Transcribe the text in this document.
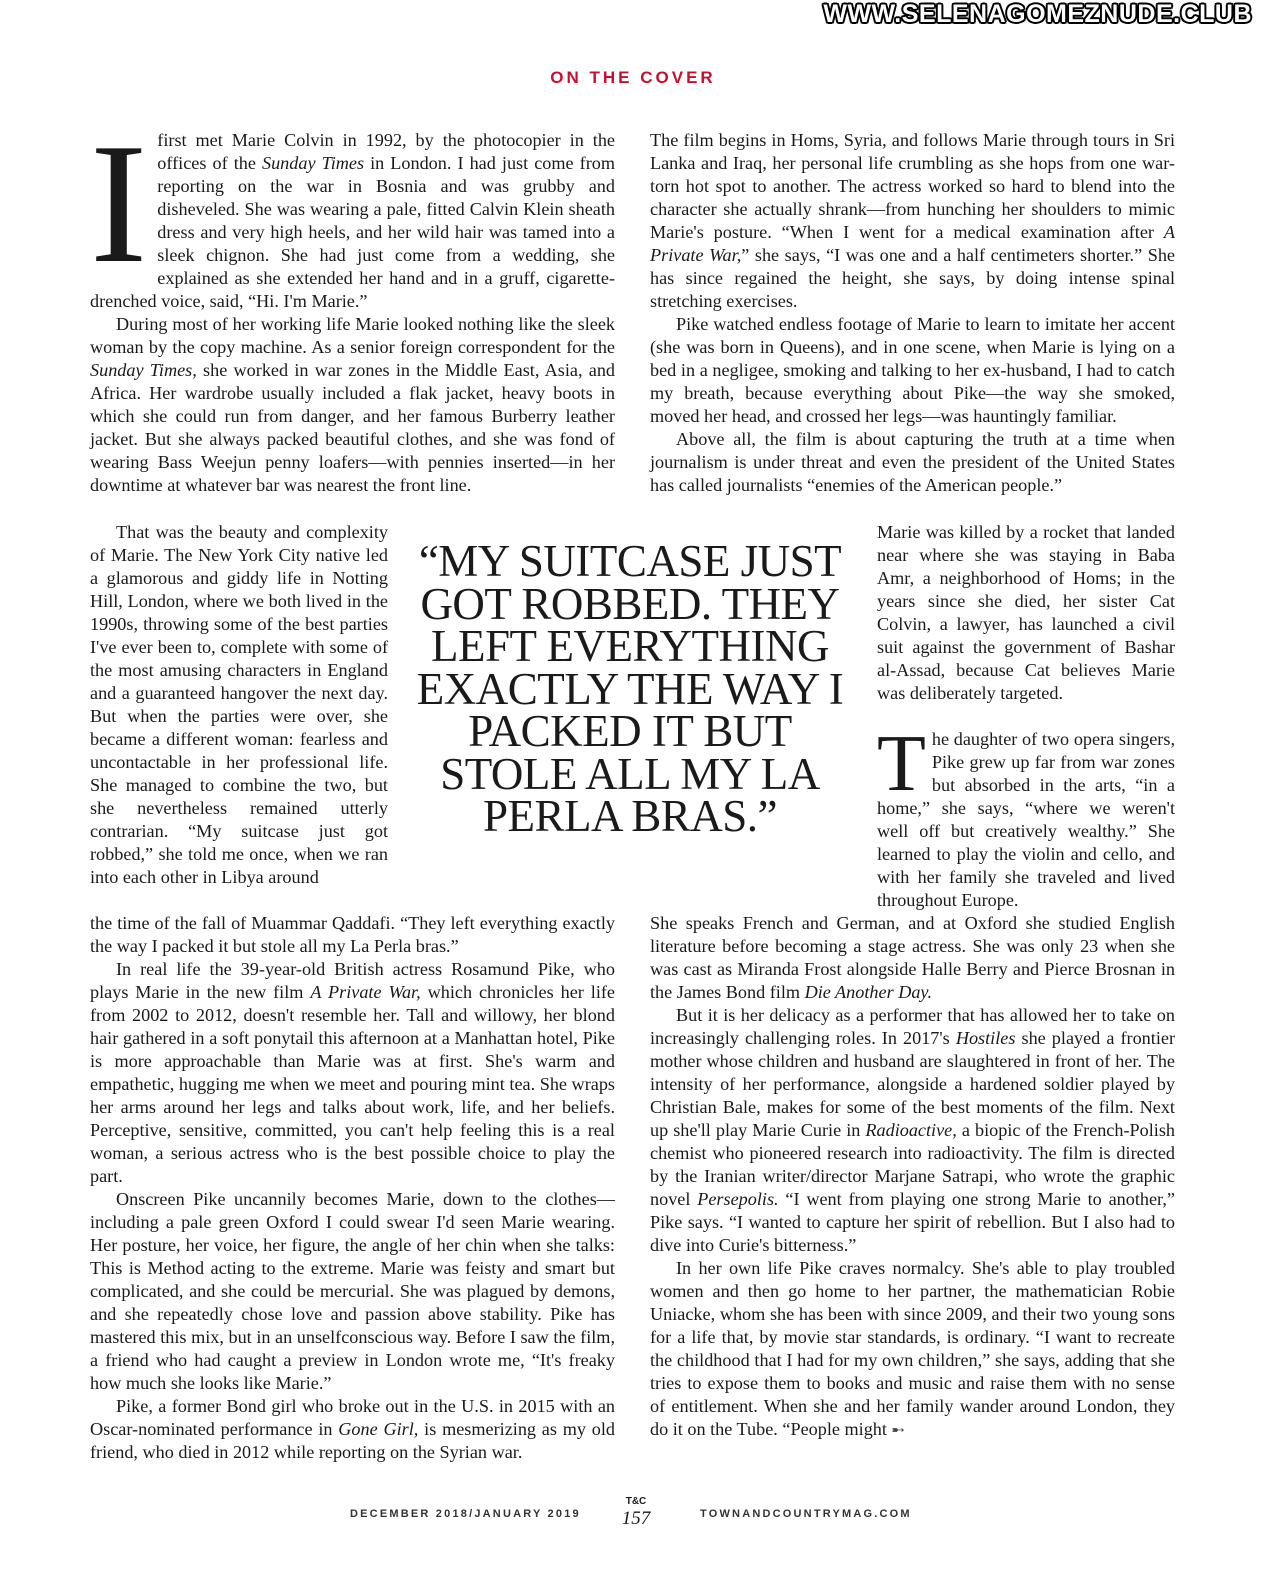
WWW.SELENAGOMEZNUDE.CLUB
ON THE COVER

Ifirst met Marie Colvin in 1992, by the photocopier in the offices of the Sunday Times in London. I had just come from reporting on the war in Bosnia and was grubby and disheveled. She was wearing a pale, fitted Calvin Klein sheath dress and very high heels, and her wild hair was tamed into a sleek chignon. She had just come from a wedding, she explained as she extended her hand and in a gruff, cigarette-drenched voice, said, “Hi. I'm Marie.”

During most of her working life Marie looked nothing like the sleek woman by the copy machine. As a senior foreign correspondent for the Sunday Times, she worked in war zones in the Middle East, Asia, and Africa. Her wardrobe usually included a flak jacket, heavy boots in which she could run from danger, and her famous Burberry leather jacket. But she always packed beautiful clothes, and she was fond of wearing Bass Weejun penny loafers—with pennies inserted—in her downtime at whatever bar was nearest the front line.

That was the beauty and complexity of Marie. The New York City native led a glamorous and giddy life in Notting Hill, London, where we both lived in the 1990s, throwing some of the best parties I've ever been to, complete with some of the most amusing characters in England and a guaranteed hangover the next day. But when the parties were over, she became a different woman: fearless and uncontactable in her professional life. She managed to combine the two, but she nevertheless remained utterly contrarian. “My suitcase just got robbed,” she told me once, when we ran into each other in Libya around

the time of the fall of Muammar Qaddafi. “They left everything exactly the way I packed it but stole all my La Perla bras.”

In real life the 39-year-old British actress Rosamund Pike, who plays Marie in the new film A Private War, which chronicles her life from 2002 to 2012, doesn't resemble her. Tall and willowy, her blond hair gathered in a soft ponytail this afternoon at a Manhattan hotel, Pike is more approachable than Marie was at first. She's warm and empathetic, hugging me when we meet and pouring mint tea. She wraps her arms around her legs and talks about work, life, and her beliefs. Perceptive, sensitive, committed, you can't help feeling this is a real woman, a serious actress who is the best possible choice to play the part.

Onscreen Pike uncannily becomes Marie, down to the clothes—including a pale green Oxford I could swear I'd seen Marie wearing. Her posture, her voice, her figure, the angle of her chin when she talks: This is Method acting to the extreme. Marie was feisty and smart but complicated, and she could be mercurial. She was plagued by demons, and she repeatedly chose love and passion above stability. Pike has mastered this mix, but in an unselfconscious way. Before I saw the film, a friend who had caught a preview in London wrote me, “It's freaky how much she looks like Marie.”

Pike, a former Bond girl who broke out in the U.S. in 2015 with an Oscar-nominated performance in Gone Girl, is mesmerizing as my old friend, who died in 2012 while reporting on the Syrian war.

“MY SUITCASE JUST GOT ROBBED. THEY LEFT EVERYTHING EXACTLY THE WAY I PACKED IT BUT STOLE ALL MY LA PERLA BRAS.”

The film begins in Homs, Syria, and follows Marie through tours in Sri Lanka and Iraq, her personal life crumbling as she hops from one war-torn hot spot to another. The actress worked so hard to blend into the character she actually shrank—from hunching her shoulders to mimic Marie's posture. “When I went for a medical examination after A Private War,” she says, “I was one and a half centimeters shorter.” She has since regained the height, she says, by doing intense spinal stretching exercises.

Pike watched endless footage of Marie to learn to imitate her accent (she was born in Queens), and in one scene, when Marie is lying on a bed in a negligee, smoking and talking to her ex-husband, I had to catch my breath, because everything about Pike—the way she smoked, moved her head, and crossed her legs—was hauntingly familiar.

Above all, the film is about capturing the truth at a time when journalism is under threat and even the president of the United States has called journalists “enemies of the American people.”

Marie was killed by a rocket that landed near where she was staying in Baba Amr, a neighborhood of Homs; in the years since she died, her sister Cat Colvin, a lawyer, has launched a civil suit against the government of Bashar al-Assad, because Cat believes Marie was deliberately targeted.

The daughter of two opera singers, Pike grew up far from war zones but absorbed in the arts, “in a home,” she says, “where we weren't well off but creatively wealthy.” She learned to play the violin and cello, and with her family she traveled and lived throughout Europe.

She speaks French and German, and at Oxford she studied English literature before becoming a stage actress. She was only 23 when she was cast as Miranda Frost alongside Halle Berry and Pierce Brosnan in the James Bond film Die Another Day.

But it is her delicacy as a performer that has allowed her to take on increasingly challenging roles. In 2017's Hostiles she played a frontier mother whose children and husband are slaughtered in front of her. The intensity of her performance, alongside a hardened soldier played by Christian Bale, makes for some of the best moments of the film. Next up she'll play Marie Curie in Radioactive, a biopic of the French-Polish chemist who pioneered research into radioactivity. The film is directed by the Iranian writer/director Marjane Satrapi, who wrote the graphic novel Persepolis. “I went from playing one strong Marie to another,” Pike says. “I wanted to capture her spirit of rebellion. But I also had to dive into Curie's bitterness.”

In her own life Pike craves normalcy. She's able to play troubled women and then go home to her partner, the mathematician Robie Uniacke, whom she has been with since 2009, and their two young sons for a life that, by movie star standards, is ordinary. “I want to recreate the childhood that I had for my own children,” she says, adding that she tries to expose them to books and music and raise them with no sense of entitlement. When she and her family wander around London, they do it on the Tube. “People might ➸

DECEMBER 2018/JANUARY 2019
T&C
157	TOWNANDCOUNTRYMAG.COM
